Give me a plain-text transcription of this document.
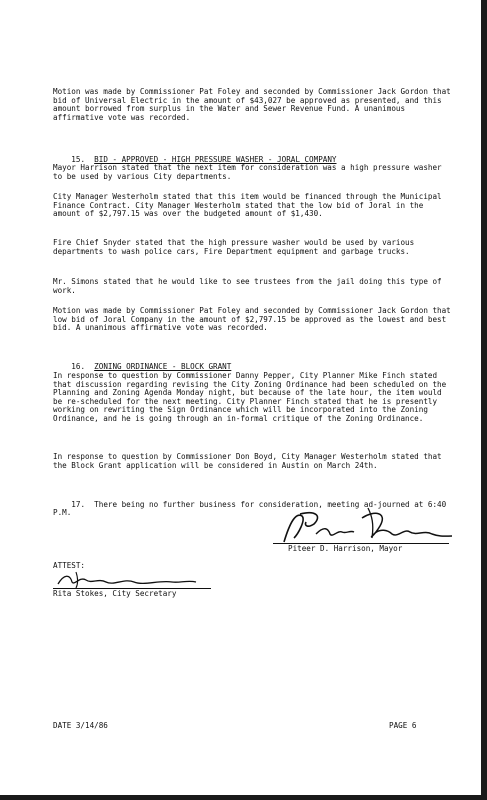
Motion was made by Commissioner Pat Foley and seconded by Commissioner Jack Gordon that bid of Universal Electric in the amount of $43,027 be approved as presented, and this amount borrowed from surplus in the Water and Sewer Revenue Fund. A unanimous affirmative vote was recorded.

15. BID - APPROVED - HIGH PRESSURE WASHER - JORAL COMPANY

Mayor Harrison stated that the next item for consideration was a high pressure washer to be used by various City departments.

City Manager Westerholm stated that this item would be financed through the Municipal Finance Contract. City Manager Westerholm stated that the low bid of Joral in the amount of $2,797.15 was over the budgeted amount of $1,430.

Fire Chief Snyder stated that the high pressure washer would be used by various departments to wash police cars, Fire Department equipment and garbage trucks.

Mr. Simons stated that he would like to see trustees from the jail doing this type of work.

Motion was made by Commissioner Pat Foley and seconded by Commissioner Jack Gordon that low bid of Joral Company in the amount of $2,797.15 be approved as the lowest and best bid. A unanimous affirmative vote was recorded.

16. ZONING ORDINANCE - BLOCK GRANT

In response to question by Commissioner Danny Pepper, City Planner Mike Finch stated that discussion regarding revising the City Zoning Ordinance had been scheduled on the Planning and Zoning Agenda Monday night, but because of the late hour, the item would be re-scheduled for the next meeting. City Planner Finch stated that he is presently working on rewriting the Sign Ordinance which will be incorporated into the Zoning Ordinance, and he is going through an in-formal critique of the Zoning Ordinance.

In response to question by Commissioner Don Boyd, City Manager Westerholm stated that the Block Grant application will be considered in Austin on March 24th.

17. There being no further business for consideration, meeting ad-journed at 6:40 P.M.

Piteer D. Harrison, Mayor
ATTEST:
Rita Stokes, City Secretary
DATE 3/14/86	PAGE 6
